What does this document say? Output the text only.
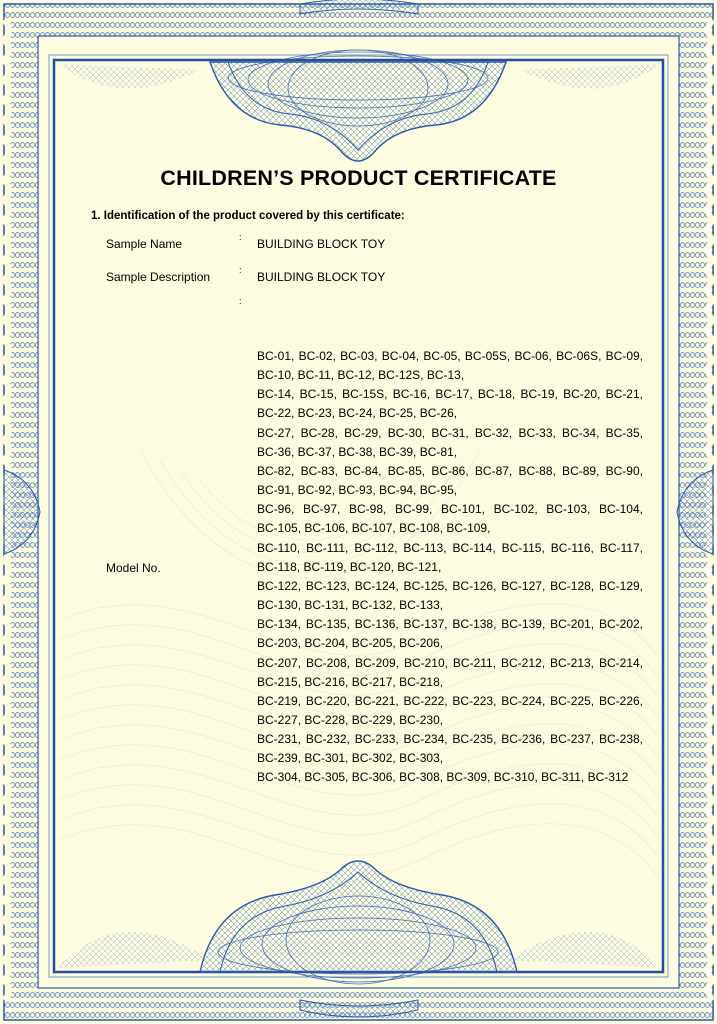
CHILDREN’S PRODUCT CERTIFICATE
1. Identification of the product covered by this certificate:
Sample Name	: BUILDING BLOCK TOY
Sample Description	: BUILDING BLOCK TOY
:
Model No.
BC-01, BC-02, BC-03, BC-04, BC-05, BC-05S, BC-06, BC-06S, BC-09,
BC-10, BC-11, BC-12, BC-12S, BC-13,
BC-14, BC-15, BC-15S, BC-16, BC-17, BC-18, BC-19, BC-20, BC-21,
BC-22, BC-23, BC-24, BC-25, BC-26,
BC-27, BC-28, BC-29, BC-30, BC-31, BC-32, BC-33, BC-34, BC-35,
BC-36, BC-37, BC-38, BC-39, BC-81,
BC-82, BC-83, BC-84, BC-85, BC-86, BC-87, BC-88, BC-89, BC-90,
BC-91, BC-92, BC-93, BC-94, BC-95,
BC-96, BC-97, BC-98, BC-99, BC-101, BC-102, BC-103, BC-104,
BC-105, BC-106, BC-107, BC-108, BC-109,
BC-110, BC-111, BC-112, BC-113, BC-114, BC-115, BC-116, BC-117,
BC-118, BC-119, BC-120, BC-121,
BC-122, BC-123, BC-124, BC-125, BC-126, BC-127, BC-128, BC-129,
BC-130, BC-131, BC-132, BC-133,
BC-134, BC-135, BC-136, BC-137, BC-138, BC-139, BC-201, BC-202,
BC-203, BC-204, BC-205, BC-206,
BC-207, BC-208, BC-209, BC-210, BC-211, BC-212, BC-213, BC-214,
BC-215, BC-216, BC-217, BC-218,
BC-219, BC-220, BC-221, BC-222, BC-223, BC-224, BC-225, BC-226,
BC-227, BC-228, BC-229, BC-230,
BC-231, BC-232, BC-233, BC-234, BC-235, BC-236, BC-237, BC-238,
BC-239, BC-301, BC-302, BC-303,
BC-304, BC-305, BC-306, BC-308, BC-309, BC-310, BC-311, BC-312
